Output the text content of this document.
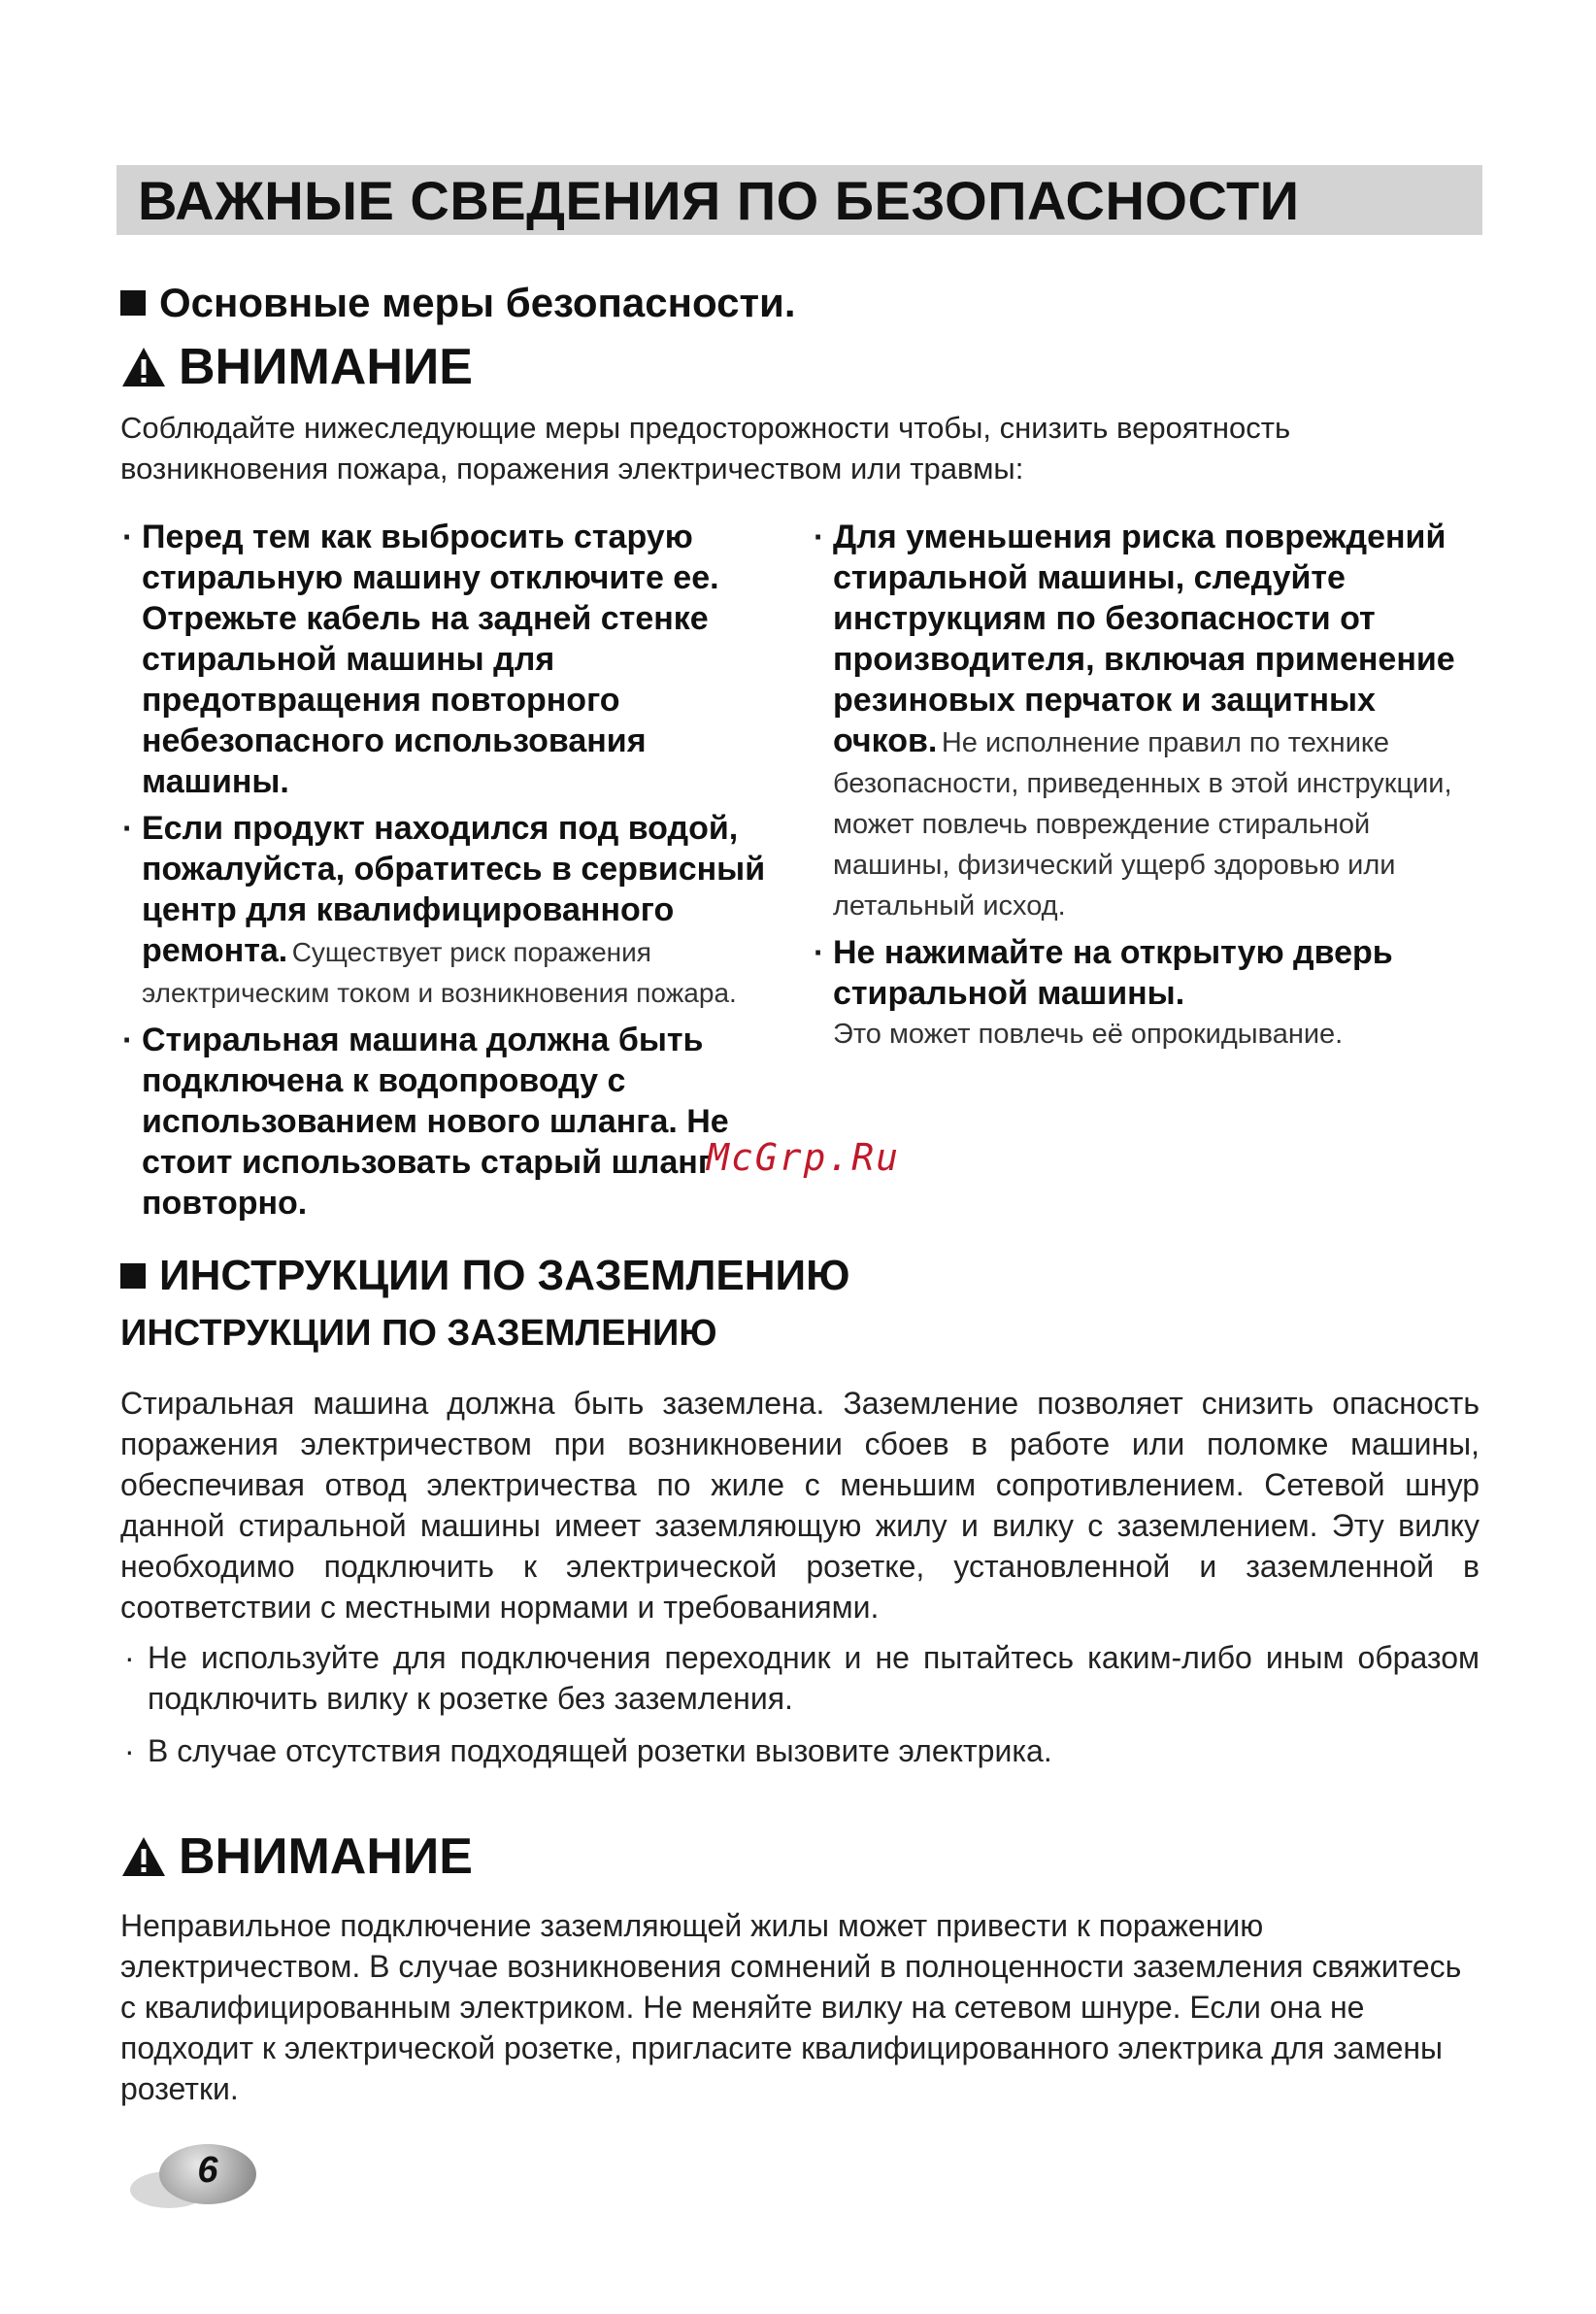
ВАЖНЫЕ СВЕДЕНИЯ ПО БЕЗОПАСНОСТИ
Основные меры безопасности.
ВНИМАНИЕ

Соблюдайте нижеследующие меры предосторожности чтобы, снизить вероятность возникновения пожара, поражения электричеством или травмы:

· Перед тем как выбросить старую стиральную машину отключите ее. Отрежьте кабель на задней стенке стиральной машины для предотвращения повторного небезопасного использования машины.
· Если продукт находился под водой, пожалуйста, обратитесь в сервисный центр для квалифицированного ремонта. Существует риск поражения электрическим током и возникновения пожара.
· Стиральная машина должна быть подключена к водопроводу с использованием нового шланга. Не стоит использовать старый шланг повторно.
· Для уменьшения риска повреждений стиральной машины, следуйте инструкциям по безопасности от производителя, включая применение резиновых перчаток и защитных очков. Не исполнение правил по технике безопасности, приведенных в этой инструкции, может повлечь повреждение стиральной машины, физический ущерб здоровью или летальный исход.
· Не нажимайте на открытую дверь стиральной машины.
Это может повлечь её опрокидывание.
McGrp.Ru
ИНСТРУКЦИИ ПО ЗАЗЕМЛЕНИЮ
ИНСТРУКЦИИ ПО ЗАЗЕМЛЕНИЮ

Стиральная машина должна быть заземлена. Заземление позволяет снизить опасность поражения электричеством при возникновении сбоев в работе или поломке машины, обеспечивая отвод электричества по жиле с меньшим сопротивлением. Сетевой шнур данной стиральной машины имеет заземляющую жилу и вилку с заземлением. Эту вилку необходимо подключить к электрической розетке, установленной и заземленной в соответствии с местными нормами и требованиями.

· Не используйте для подключения переходник и не пытайтесь каким-либо иным образом подключить вилку к розетке без заземления.

· В случае отсутствия подходящей розетки вызовите электрика.

ВНИМАНИЕ

Неправильное подключение заземляющей жилы может привести к поражению электричеством. В случае возникновения сомнений в полноценности заземления свяжитесь с квалифицированным электриком. Не меняйте вилку на сетевом шнуре. Если она не подходит к электрической розетке, пригласите квалифицированного электрика для замены розетки.

6
